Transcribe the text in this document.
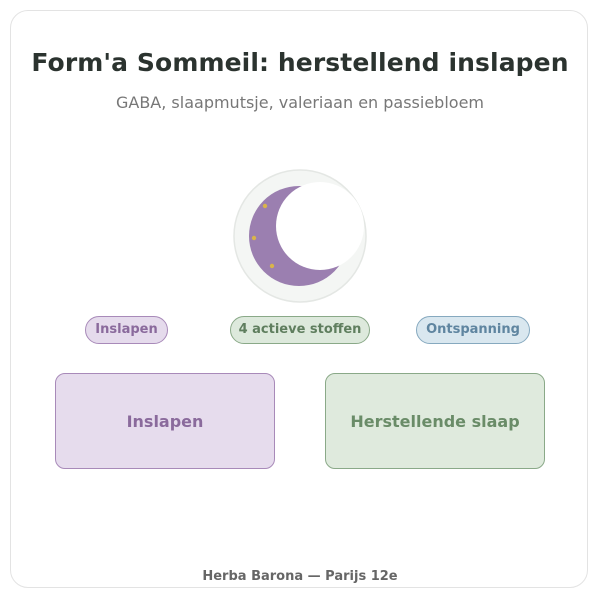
Form'a Sommeil: herstellend inslapen
GABA, slaapmutsje, valeriaan en passiebloem
Inslapen	4 actieve stoffen	Ontspanning
Inslapen	Herstellende slaap
Herba Barona — Parijs 12e
